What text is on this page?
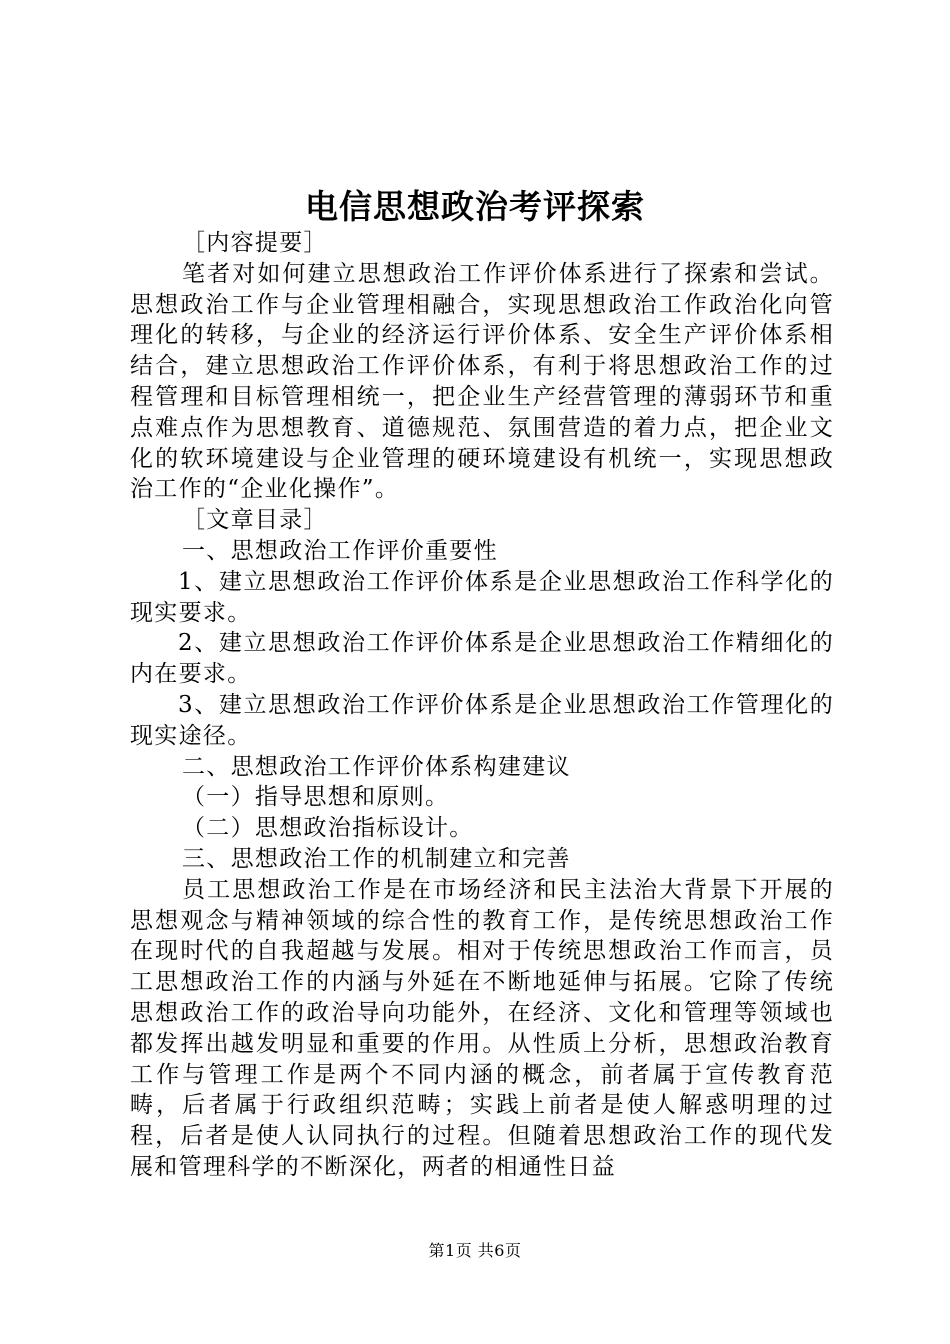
电信思想政治考评探索

［内容提要］

笔者对如何建立思想政治工作评价体系进行了探索和尝试。思想政治工作与企业管理相融合，实现思想政治工作政治化向管理化的转移，与企业的经济运行评价体系、安全生产评价体系相结合，建立思想政治工作评价体系，有利于将思想政治工作的过程管理和目标管理相统一，把企业生产经营管理的薄弱环节和重点难点作为思想教育、道德规范、氛围营造的着力点，把企业文化的软环境建设与企业管理的硬环境建设有机统一，实现思想政治工作的“企业化操作”。

［文章目录］

一、思想政治工作评价重要性

1、建立思想政治工作评价体系是企业思想政治工作科学化的现实要求。

2、建立思想政治工作评价体系是企业思想政治工作精细化的内在要求。

3、建立思想政治工作评价体系是企业思想政治工作管理化的现实途径。

二、思想政治工作评价体系构建建议

（一）指导思想和原则。

（二）思想政治指标设计。

三、思想政治工作的机制建立和完善

员工思想政治工作是在市场经济和民主法治大背景下开展的思想观念与精神领域的综合性的教育工作，是传统思想政治工作在现时代的自我超越与发展。相对于传统思想政治工作而言，员工思想政治工作的内涵与外延在不断地延伸与拓展。它除了传统思想政治工作的政治导向功能外，在经济、文化和管理等领域也都发挥出越发明显和重要的作用。从性质上分析，思想政治教育工作与管理工作是两个不同内涵的概念，前者属于宣传教育范畴，后者属于行政组织范畴；实践上前者是使人解惑明理的过程，后者是使人认同执行的过程。但随着思想政治工作的现代发展和管理科学的不断深化，两者的相通性日益

第1页 共6页
